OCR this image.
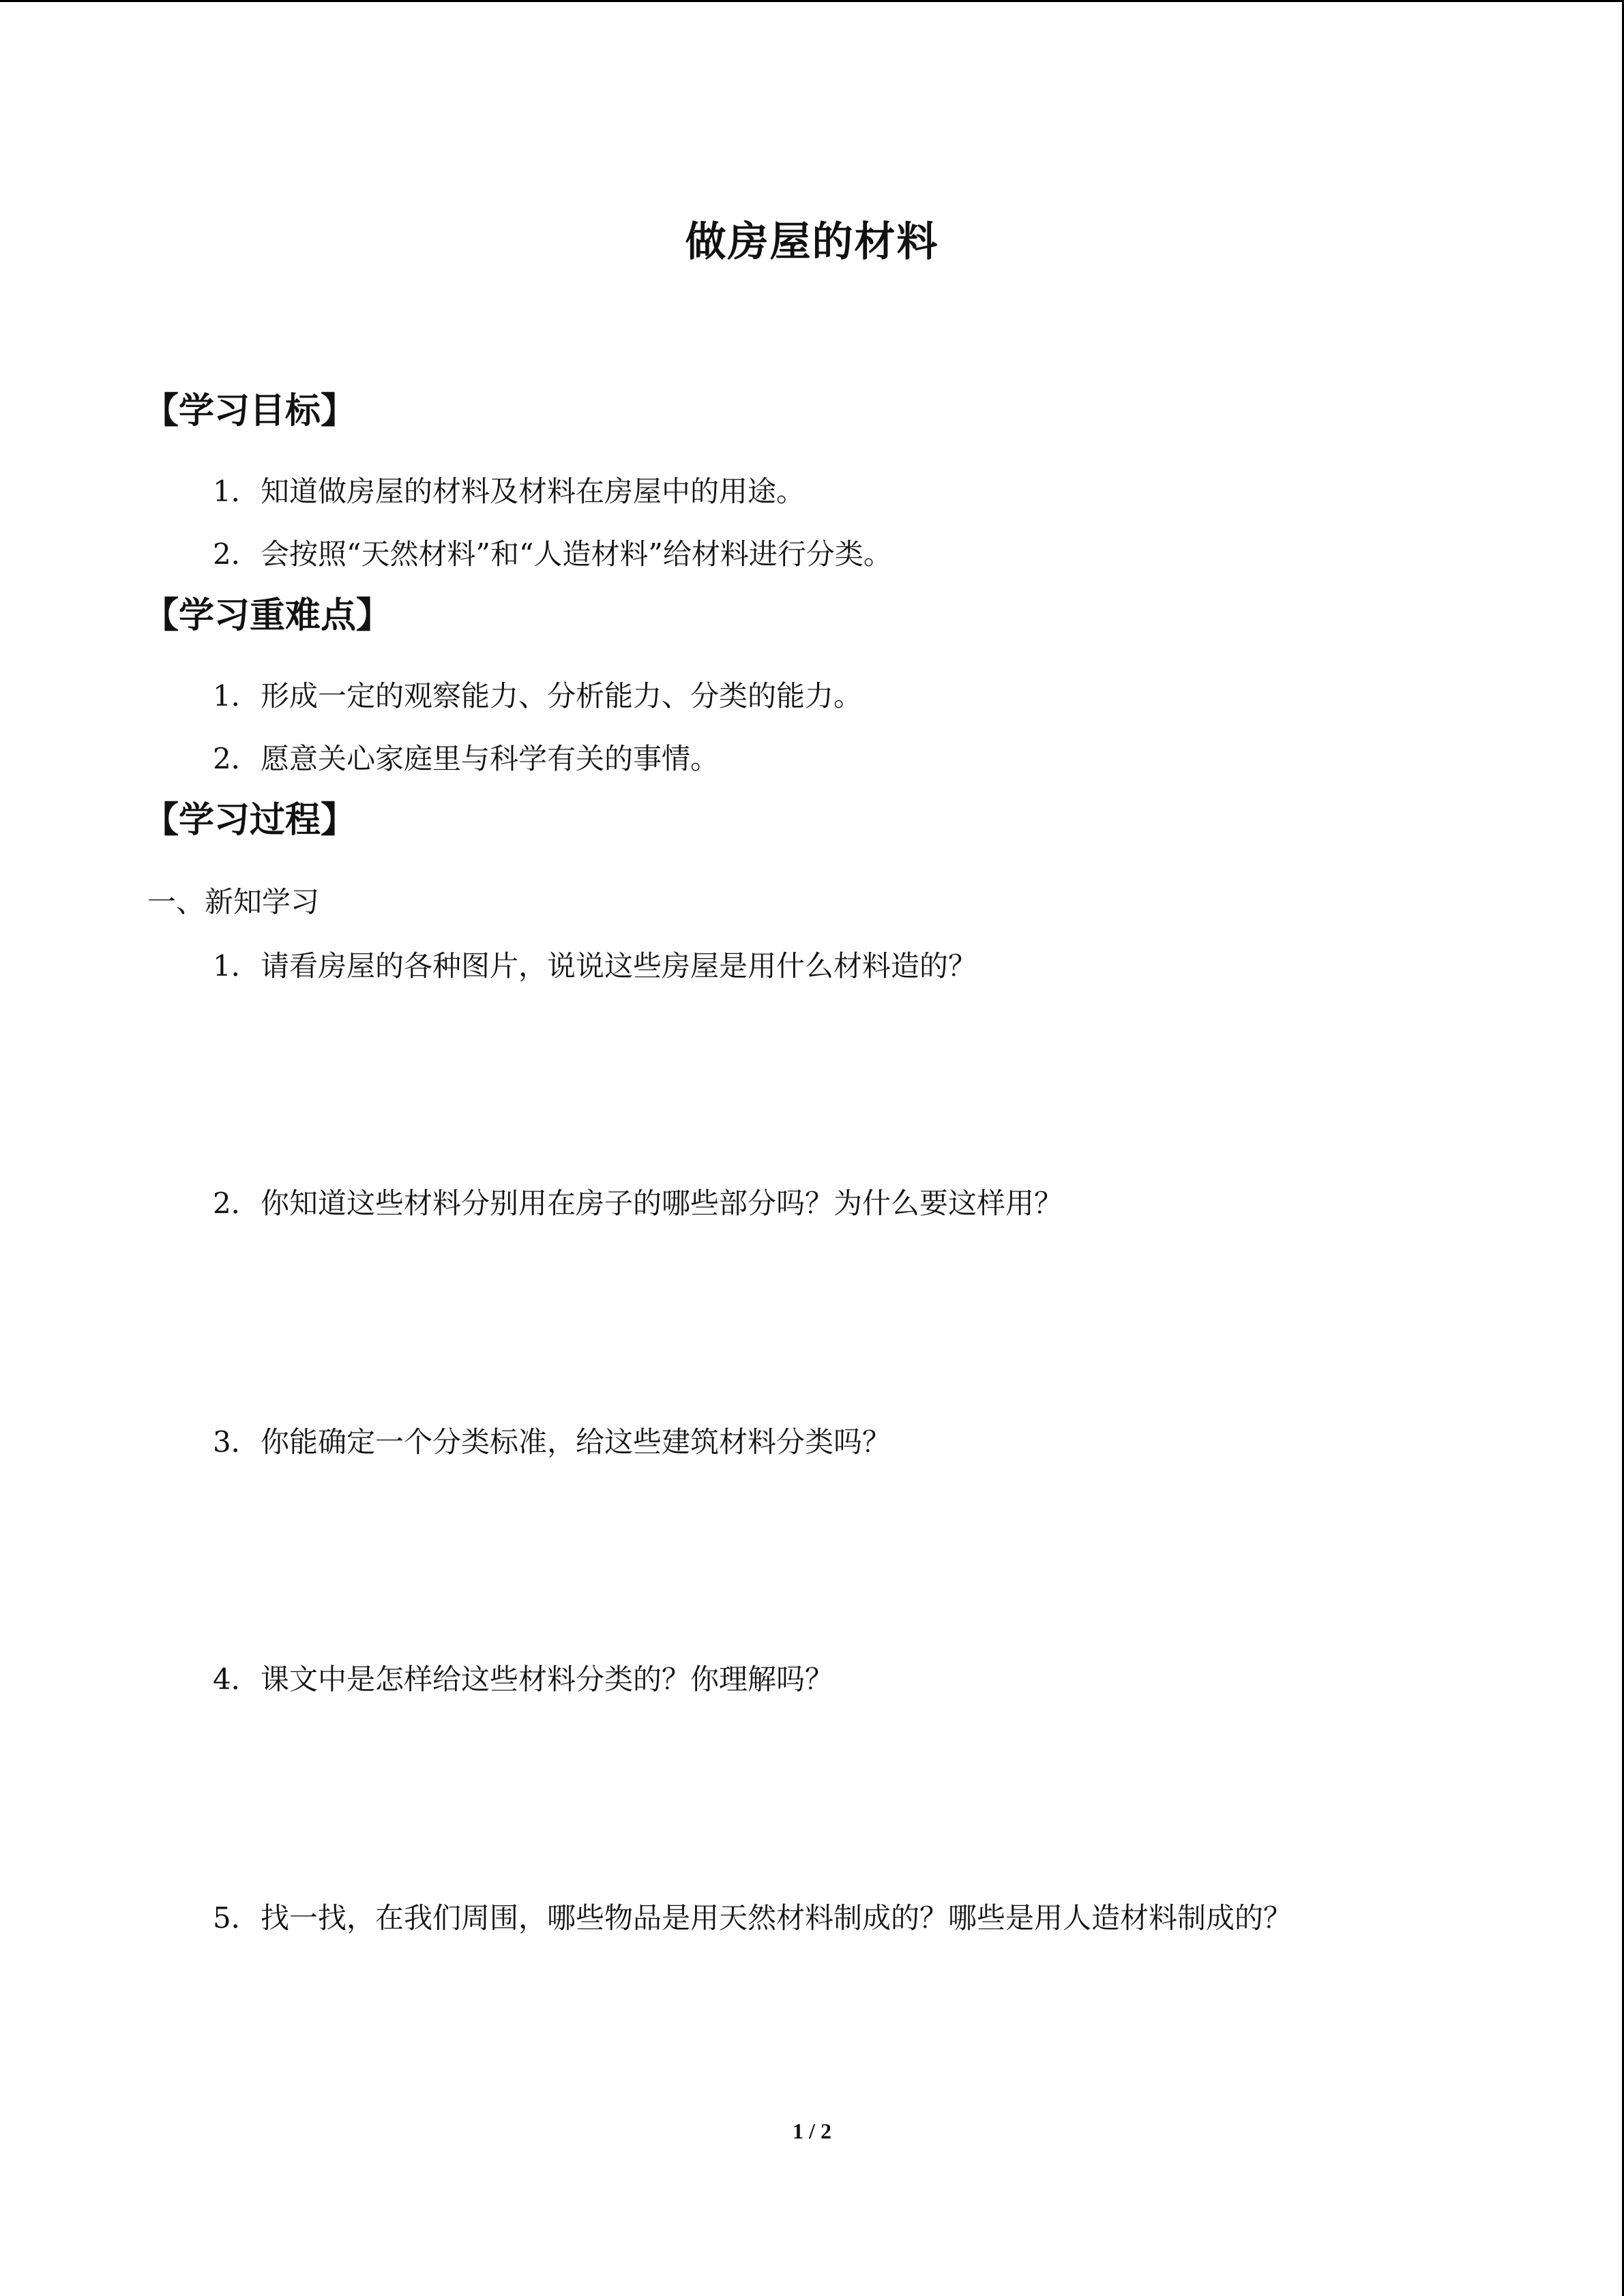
做房屋的材料
【学习目标】
1．知道做房屋的材料及材料在房屋中的用途。
2．会按照“天然材料”和“人造材料”给材料进行分类。
【学习重难点】
1．形成一定的观察能力、分析能力、分类的能力。
2．愿意关心家庭里与科学有关的事情。
【学习过程】
一、新知学习
1．请看房屋的各种图片，说说这些房屋是用什么材料造的？
2．你知道这些材料分别用在房子的哪些部分吗？为什么要这样用？
3．你能确定一个分类标准，给这些建筑材料分类吗？
4．课文中是怎样给这些材料分类的？你理解吗？
5．找一找，在我们周围，哪些物品是用天然材料制成的？哪些是用人造材料制成的？
1 / 2
